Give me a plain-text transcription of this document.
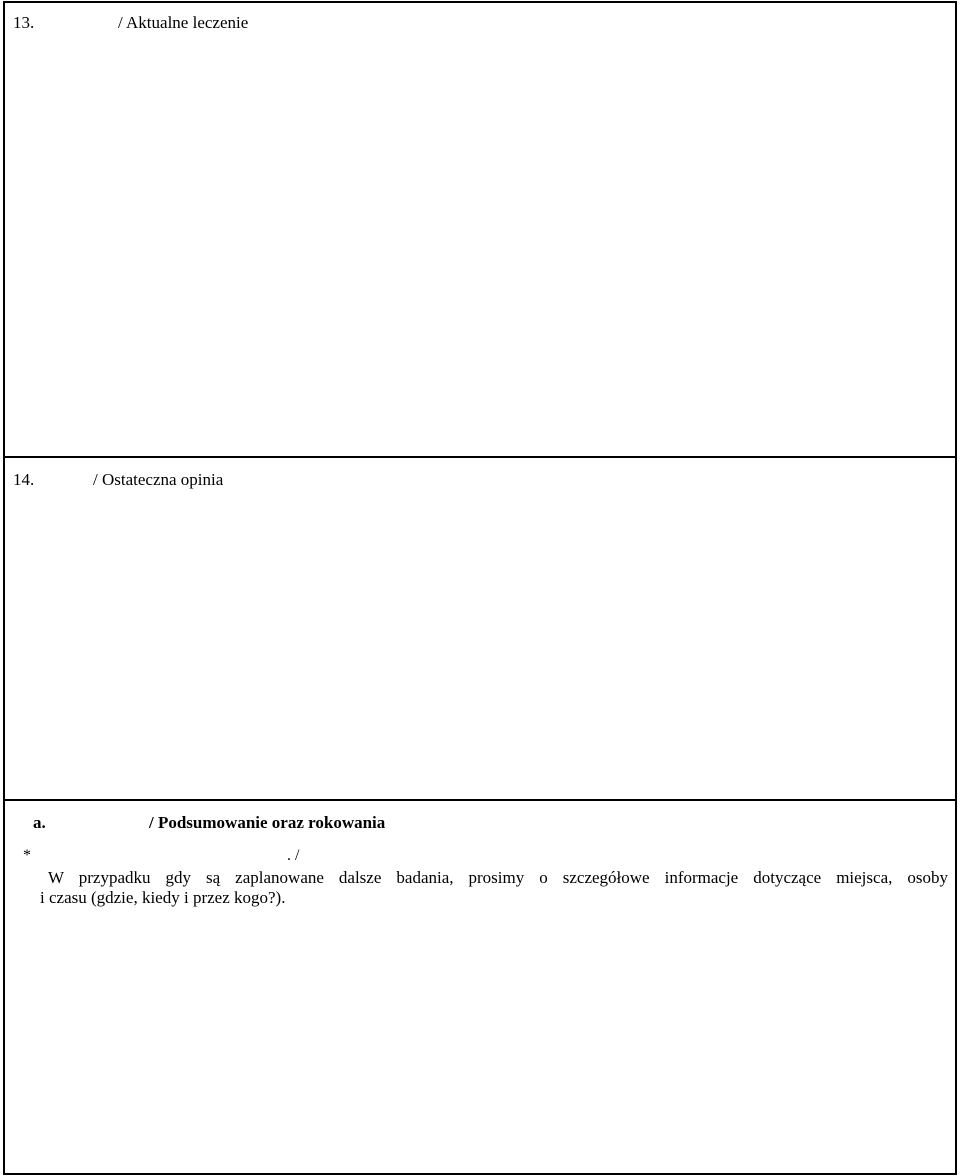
13.	/ Aktualne leczenie
14.	/ Ostateczna opinia
a.	/ Podsumowanie oraz rokowania
*	. /
W przypadku gdy są zaplanowane dalsze badania, prosimy o szczegółowe informacje dotyczące miejsca, osoby
i czasu (gdzie, kiedy i przez kogo?).
